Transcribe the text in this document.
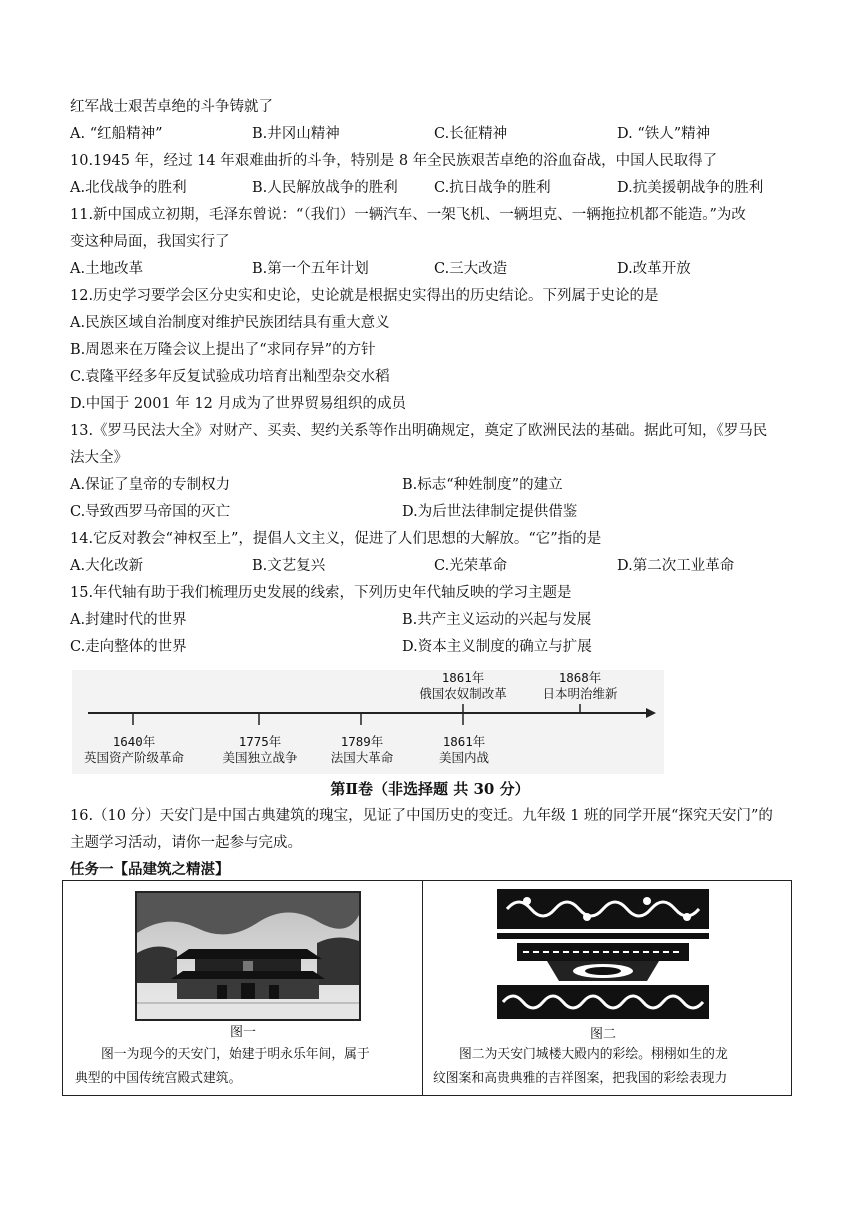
红军战士艰苦卓绝的斗争铸就了
A. “红船精神”	B.井冈山精神	C.长征精神	D. “铁人”精神
10.1945 年，经过 14 年艰难曲折的斗争，特别是 8 年全民族艰苦卓绝的浴血奋战，中国人民取得了
A.北伐战争的胜利	B.人民解放战争的胜利 C.抗日战争的胜利	D.抗美援朝战争的胜利
11.新中国成立初期，毛泽东曾说：“（我们）一辆汽车、一架飞机、一辆坦克、一辆拖拉机都不能造。”为改
变这种局面，我国实行了
A.土地改革	B.第一个五年计划	C.三大改造	D.改革开放
12.历史学习要学会区分史实和史论，史论就是根据史实得出的历史结论。下列属于史论的是
A.民族区域自治制度对维护民族团结具有重大意义
B.周恩来在万隆会议上提出了“求同存异”的方针
C.袁隆平经多年反复试验成功培育出籼型杂交水稻
D.中国于 2001 年 12 月成为了世界贸易组织的成员
13.《罗马民法大全》对财产、买卖、契约关系等作出明确规定，奠定了欧洲民法的基础。据此可知，《罗马民
法大全》
A.保证了皇帝的专制权力	B.标志“种姓制度”的建立
C.导致西罗马帝国的灭亡	D.为后世法律制定提供借鉴
14.它反对教会“神权至上”，提倡人文主义，促进了人们思想的大解放。“它”指的是
A.大化改新	B.文艺复兴	C.光荣革命	D.第二次工业革命
15.年代轴有助于我们梳理历史发展的线索，下列历史年代轴反映的学习主题是
A.封建时代的世界	B.共产主义运动的兴起与发展
C.走向整体的世界	D.资本主义制度的确立与扩展
1861年
俄国农奴制改革
1868年
日本明治维新
1640年
英国资产阶级革命
1775年
美国独立战争
1789年
法国大革命
1861年
美国内战
第Ⅱ卷（非选择题 共 30 分）
16.（10 分）天安门是中国古典建筑的瑰宝，见证了中国历史的变迁。九年级 1 班的同学开展“探究天安门”的
主题学习活动，请你一起参与完成。
任务一【品建筑之精湛】
图一
图一为现今的天安门，始建于明永乐年间，属于
典型的中国传统宫殿式建筑。
图二
图二为天安门城楼大殿内的彩绘。栩栩如生的龙
纹图案和高贵典雅的吉祥图案，把我国的彩绘表现力
